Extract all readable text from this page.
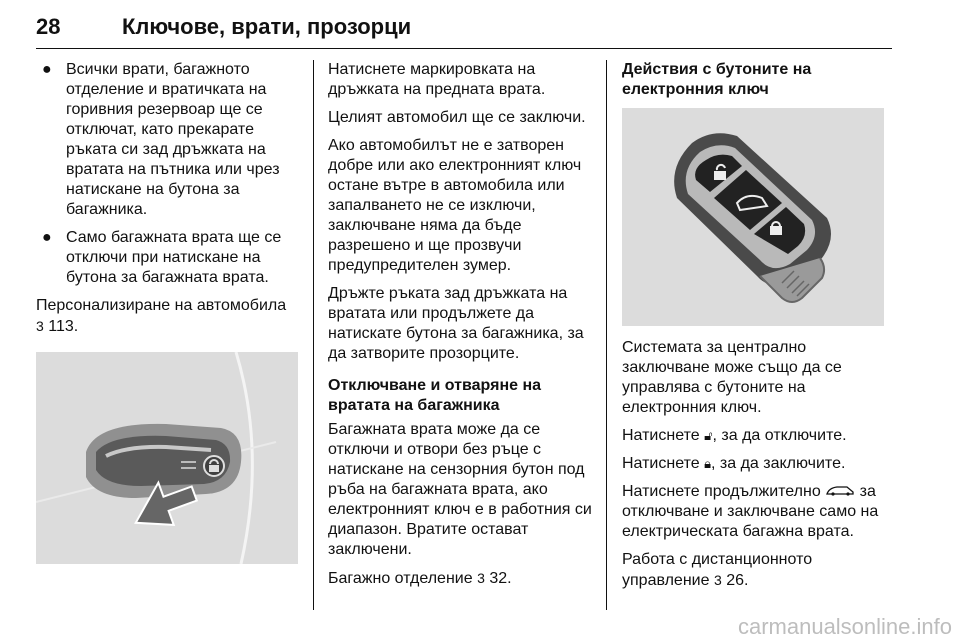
28	Ключове, врати, прозорци
● Всички врати, багажното отделение и вратичката на горивния резервоар ще се отключат, като прекарате ръката си зад дръжката на вратата на пътника или чрез натискане на бутона за багажника.
● Само багажната врата ще се отключи при натискане на бутона за багажната врата.

Персонализиране на автомобила
3 113.

Натиснете маркировката на дръжката на предната врата.

Целият автомобил ще се заключи.

Ако автомобилът не е затворен добре или ако електронният ключ остане вътре в автомобила или запалването не се изключи, заключване няма да бъде разрешено и ще прозвучи предупредителен зумер.

Дръжте ръката зад дръжката на вратата или продължете да натискате бутона за багажника, за да затворите прозорците.

Отключване и отваряне на вратата на багажника

Багажната врата може да се отключи и отвори без ръце с натискане на сензорния бутон под ръба на багажната врата, ако електронният ключ е в работния си диапазон. Вратите остават заключени.

Багажно отделение 3 32.

Действия с бутоните на електронния ключ

Системата за централно заключване може също да се управлява с бутоните на електронния ключ.

Натиснете 🔓︎, за да отключите.

Натиснете 🔒︎, за да заключите.

Натиснете продължително за отключване и заключване само на електрическата багажна врата.

Работа с дистанционното управление 3 26.

carmanualsonline.info
